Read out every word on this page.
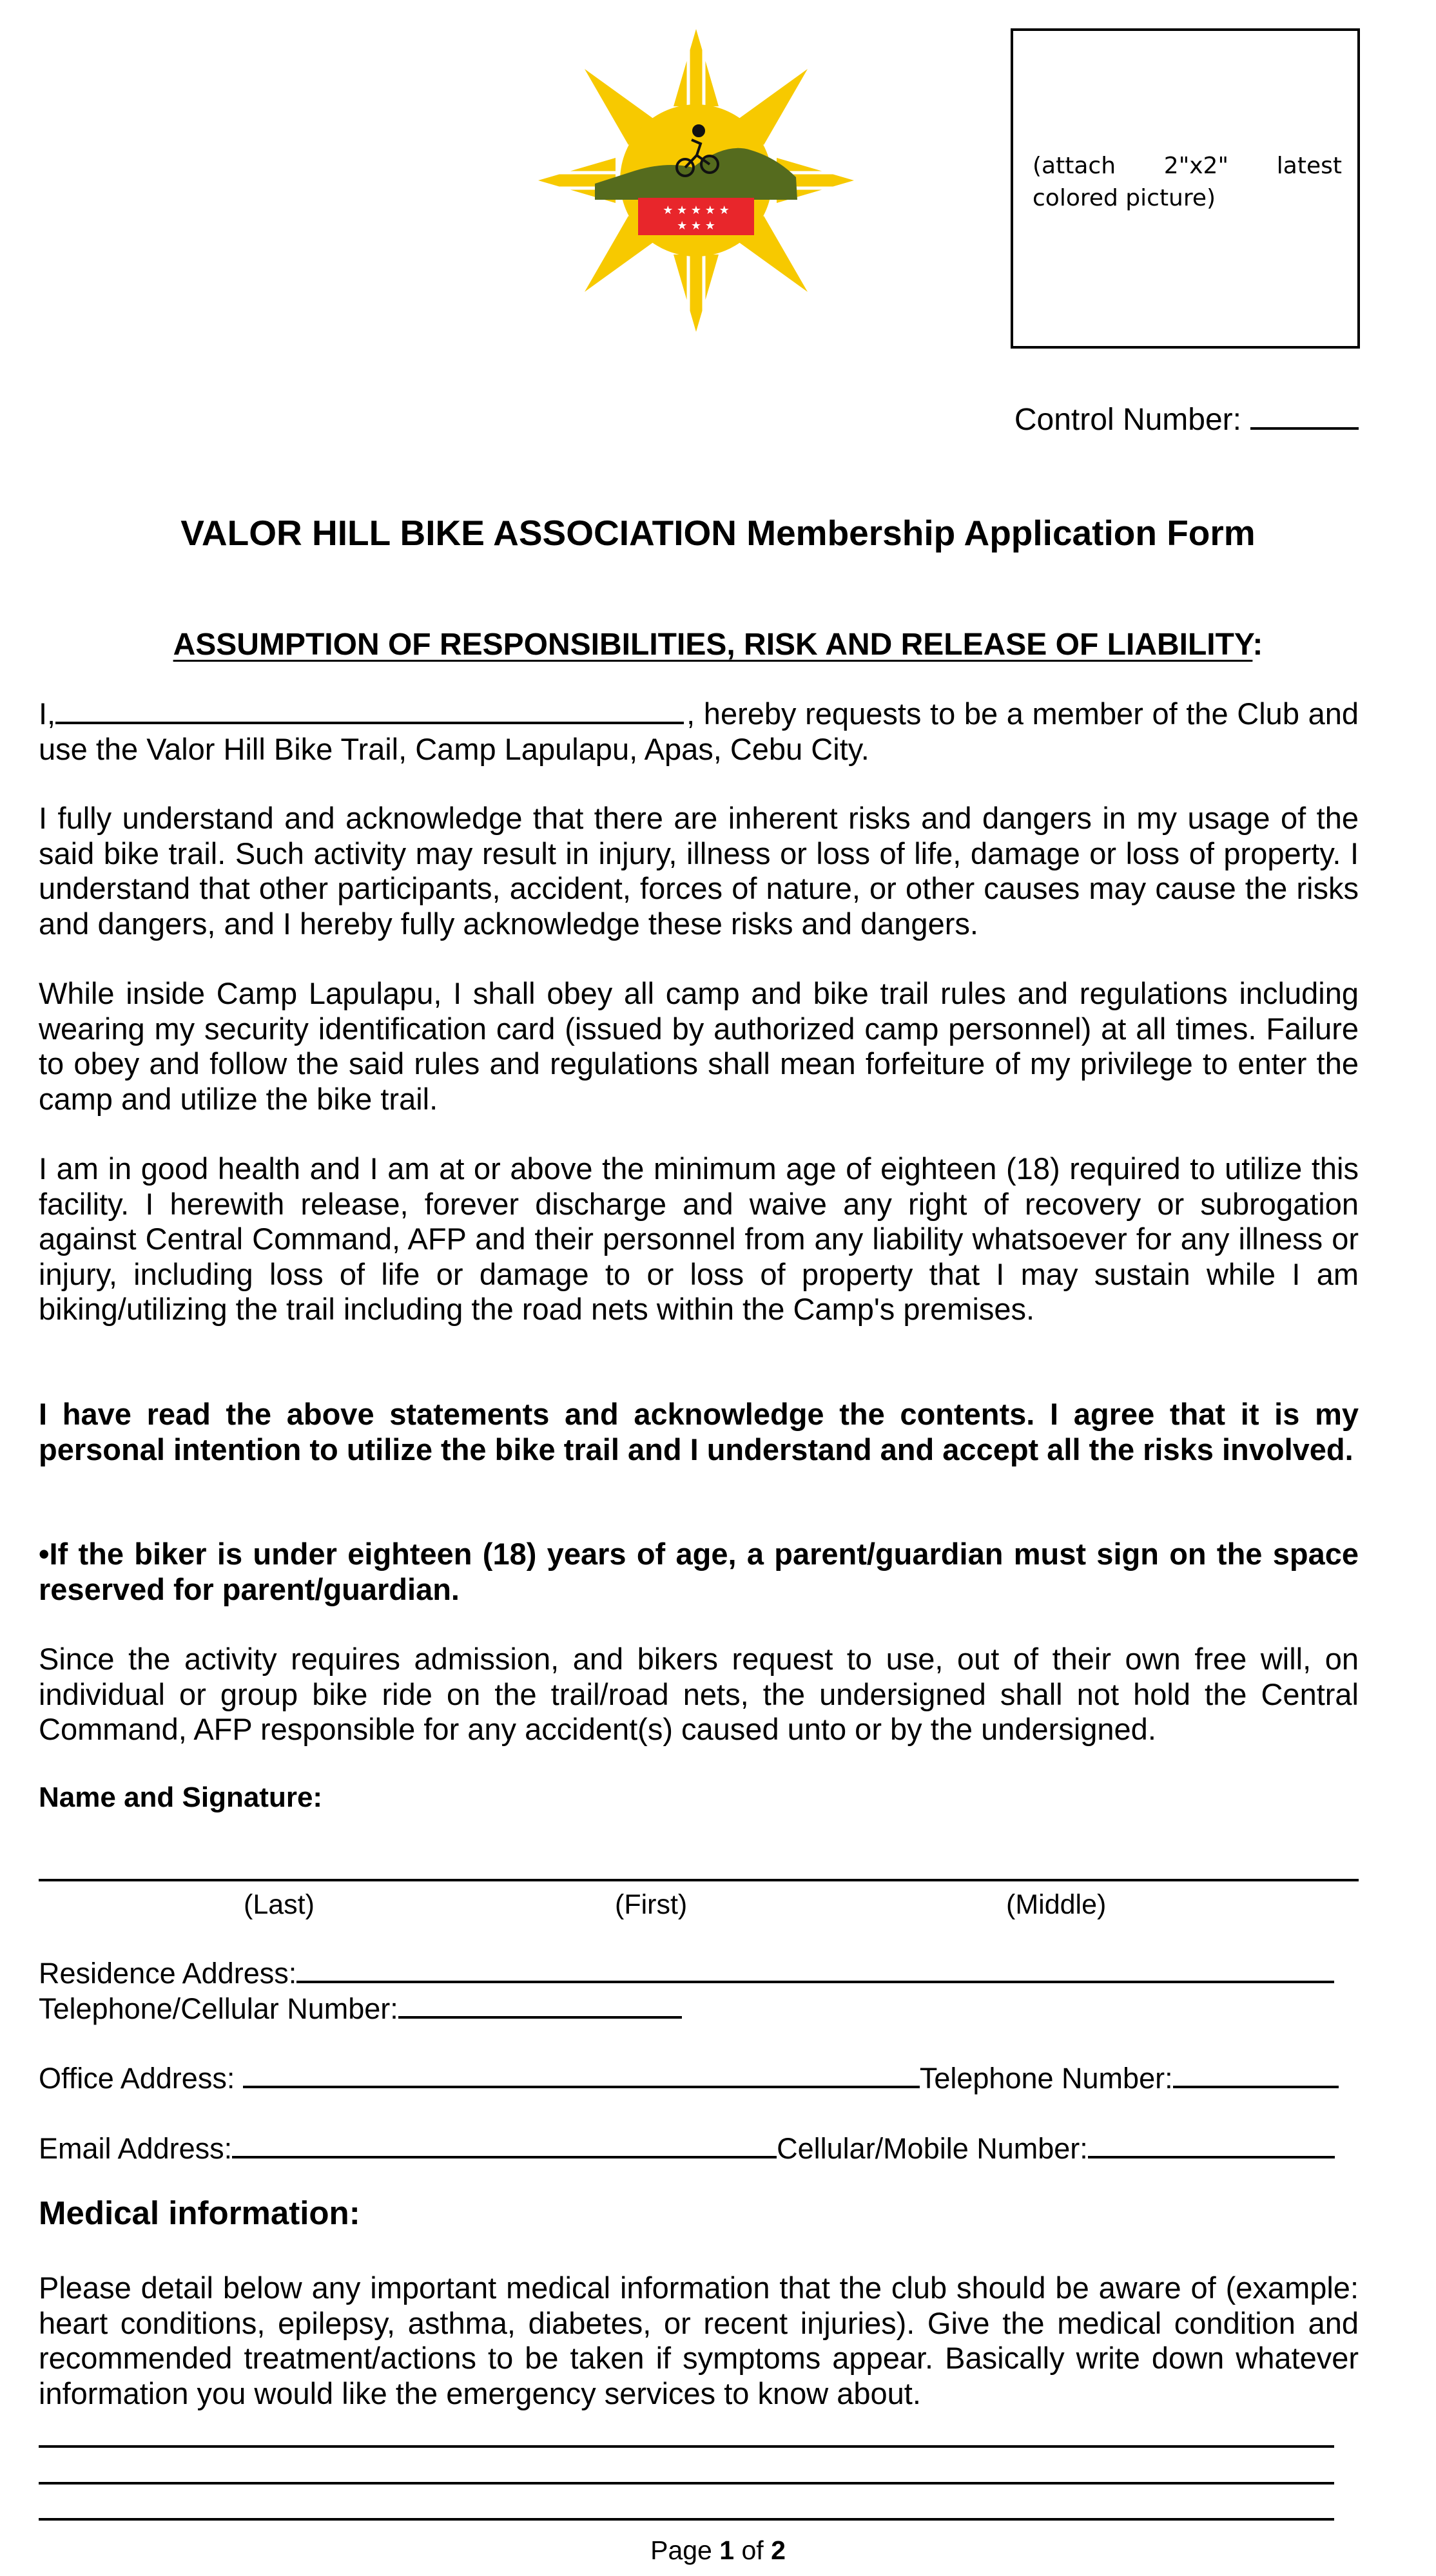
★ ★ ★ ★ ★
★ ★ ★
(attach 2"x2" latest colored picture)
Control Number:
VALOR HILL BIKE ASSOCIATION Membership Application Form
ASSUMPTION OF RESPONSIBILITIES, RISK AND RELEASE OF LIABILITY:

I,	, hereby requests to be a member of the Club and use the Valor Hill Bike Trail, Camp Lapulapu, Apas, Cebu City.

I fully understand and acknowledge that there are inherent risks and dangers in my usage of the said bike trail. Such activity may result in injury, illness or loss of life, damage or loss of property. I understand that other participants, accident, forces of nature, or other causes may cause the risks and dangers, and I hereby fully acknowledge these risks and dangers.

While inside Camp Lapulapu, I shall obey all camp and bike trail rules and regulations including wearing my security identification card (issued by authorized camp personnel) at all times. Failure to obey and follow the said rules and regulations shall mean forfeiture of my privilege to enter the camp and utilize the bike trail.

I am in good health and I am at or above the minimum age of eighteen (18) required to utilize this facility. I herewith release, forever discharge and waive any right of recovery or subrogation against Central Command, AFP and their personnel from any liability whatsoever for any illness or injury, including loss of life or damage to or loss of property that I may sustain while I am biking/utilizing the trail including the road nets within the Camp's premises.

I have read the above statements and acknowledge the contents. I agree that it is my personal intention to utilize the bike trail and I understand and accept all the risks involved.

•If the biker is under eighteen (18) years of age, a parent/guardian must sign on the space reserved for parent/guardian.

Since the activity requires admission, and bikers request to use, out of their own free will, on individual or group bike ride on the trail/road nets, the undersigned shall not hold the Central Command, AFP responsible for any accident(s) caused unto or by the undersigned.

Name and Signature:
(Last)	(First)	(Middle)
Residence Address:
Telephone/Cellular Number:
Office Address:	Telephone Number:
Email Address:	Cellular/Mobile Number:
Medical information:

Please detail below any important medical information that the club should be aware of (example: heart conditions, epilepsy, asthma, diabetes, or recent injuries). Give the medical condition and recommended treatment/actions to be taken if symptoms appear. Basically write down whatever information you would like the emergency services to know about.

Page 1 of 2
